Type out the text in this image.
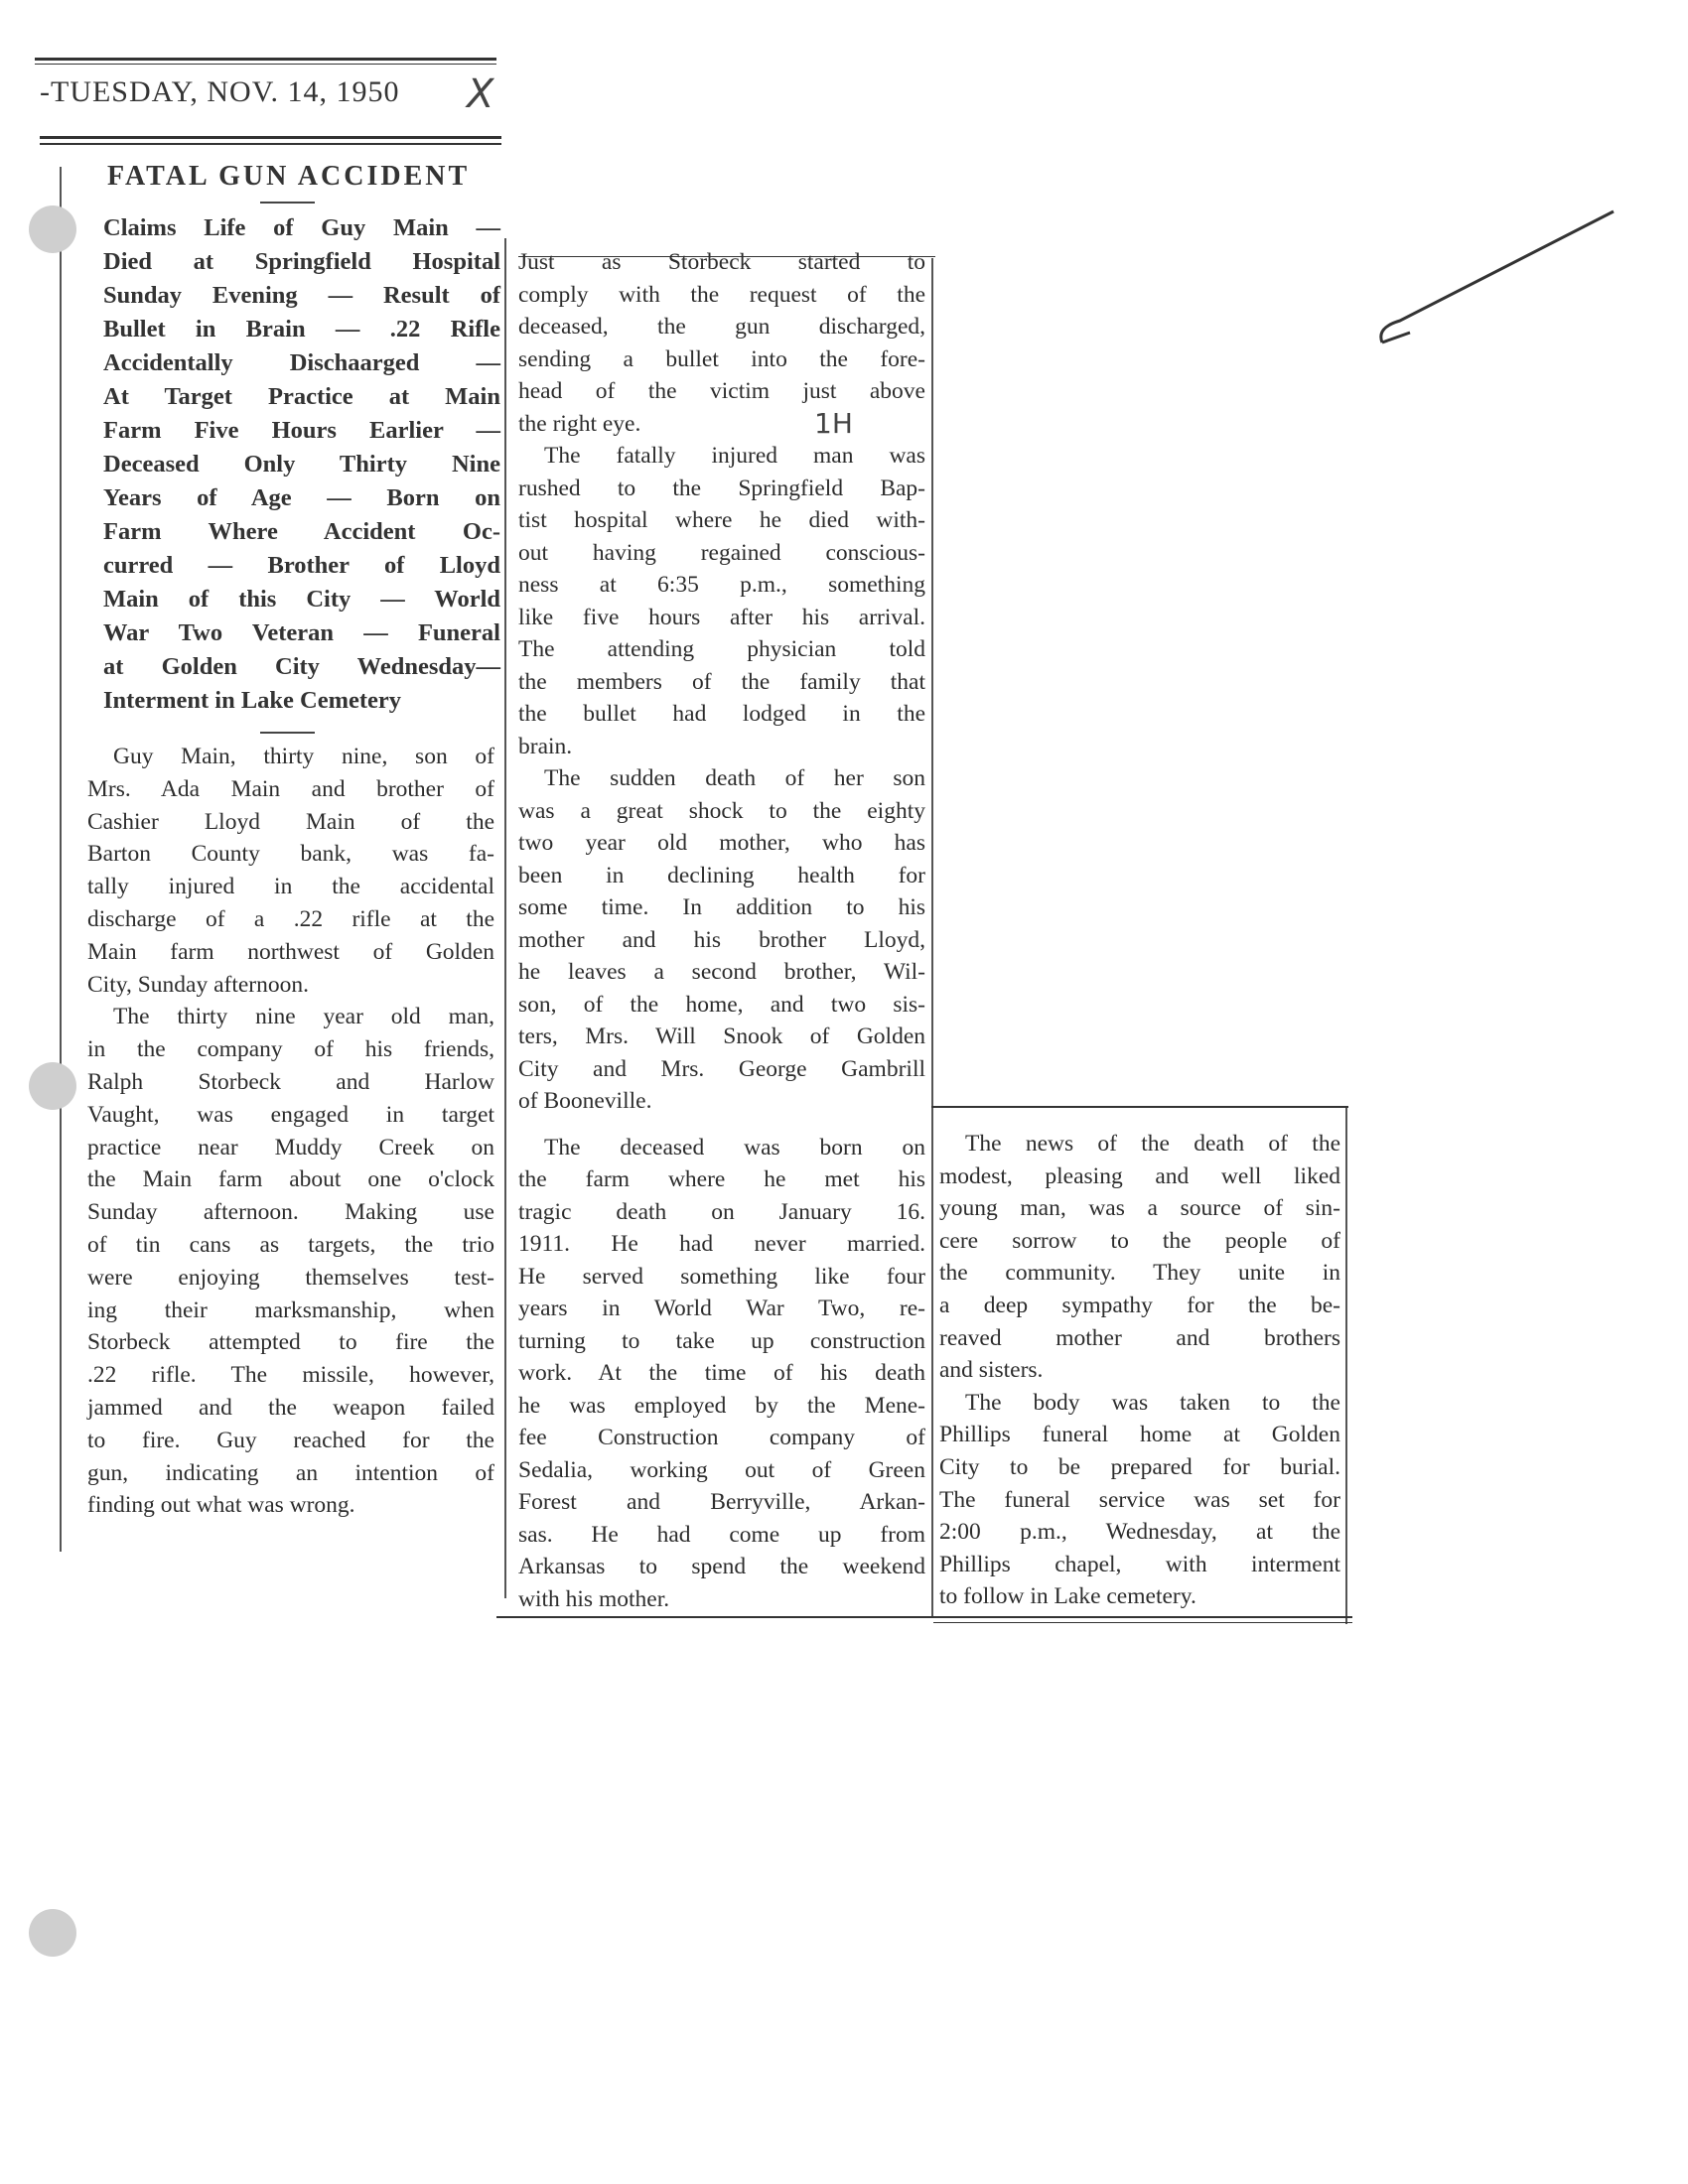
-TUESDAY, NOV. 14, 1950 X
FATAL GUN ACCIDENT
Claims Life of Guy Main —
Died at Springfield Hospital
Sunday Evening — Result of
Bullet in Brain — .22 Rifle
Accidentally Dischaarged —
At Target Practice at Main
Farm Five Hours Earlier —
Deceased Only Thirty Nine
Years of Age — Born on
Farm Where Accident Oc-
curred — Brother of Lloyd
Main of this City — World
War Two Veteran — Funeral
at Golden City Wednesday—
Interment in Lake Cemetery
Guy Main, thirty nine, son of
Mrs. Ada Main and brother of
Cashier Lloyd Main of the
Barton County bank, was fa-
tally injured in the accidental
discharge of a .22 rifle at the
Main farm northwest of Golden
City, Sunday afternoon.
The thirty nine year old man,
in the company of his friends,
Ralph Storbeck and Harlow
Vaught, was engaged in target
practice near Muddy Creek on
the Main farm about one o'clock
Sunday afternoon. Making use
of tin cans as targets, the trio
were enjoying themselves test-
ing their marksmanship, when
Storbeck attempted to fire the
.22 rifle. The missile, however,
jammed and the weapon failed
to fire. Guy reached for the
gun, indicating an intention of
finding out what was wrong.
Just as Storbeck started to
comply with the request of the
deceased, the gun discharged,
sending a bullet into the fore-
head of the victim just above
the right eye.
The fatally injured man was
rushed to the Springfield Bap-
tist hospital where he died with-
out having regained conscious-
ness at 6:35 p.m., something
like five hours after his arrival.
The attending physician told
the members of the family that
the bullet had lodged in the
brain.
The sudden death of her son
was a great shock to the eighty
two year old mother, who has
been in declining health for
some time. In addition to his
mother and his brother Lloyd,
he leaves a second brother, Wil-
son, of the home, and two sis-
ters, Mrs. Will Snook of Golden
City and Mrs. George Gambrill
of Booneville.
The deceased was born on
the farm where he met his
tragic death on January 16.
1911. He had never married.
He served something like four
years in World War Two, re-
turning to take up construction
work. At the time of his death
he was employed by the Mene-
fee Construction company of
Sedalia, working out of Green
Forest and Berryville, Arkan-
sas. He had come up from
Arkansas to spend the weekend
with his mother.
1H
The news of the death of the
modest, pleasing and well liked
young man, was a source of sin-
cere sorrow to the people of
the community. They unite in
a deep sympathy for the be-
reaved mother and brothers
and sisters.
The body was taken to the
Phillips funeral home at Golden
City to be prepared for burial.
The funeral service was set for
2:00 p.m., Wednesday, at the
Phillips chapel, with interment
to follow in Lake cemetery.
